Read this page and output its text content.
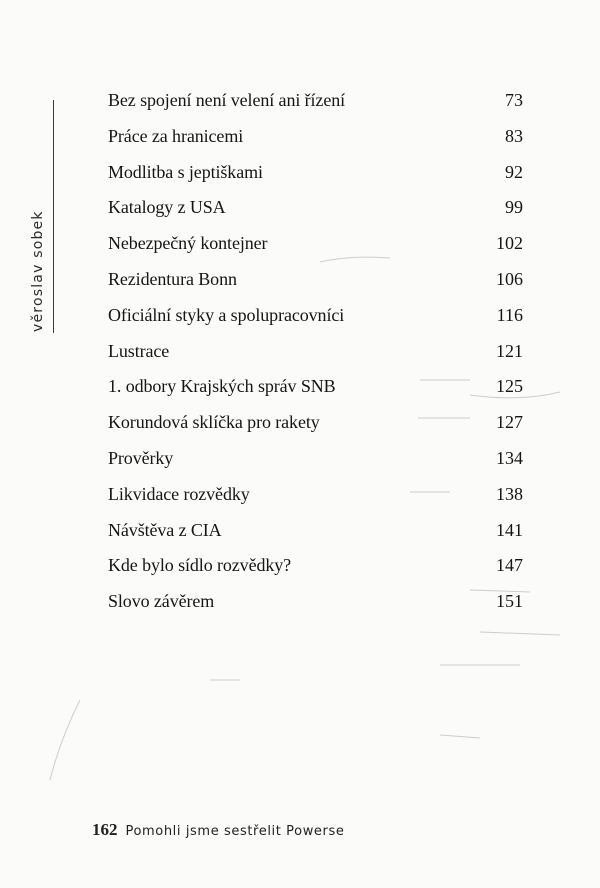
věroslav sobek
Bez spojení není velení ani řízení	73
Práce za hranicemi	83
Modlitba s jeptiškami	92
Katalogy z USA	99
Nebezpečný kontejner	102
Rezidentura Bonn	106
Oficiální styky a spolupracovníci	116
Lustrace	121
1. odbory Krajských správ SNB	125
Korundová sklíčka pro rakety	127
Prověrky	134
Likvidace rozvědky	138
Návštěva z CIA	141
Kde bylo sídlo rozvědky?	147
Slovo závěrem	151
162 Pomohli jsme sestřelit Powerse
